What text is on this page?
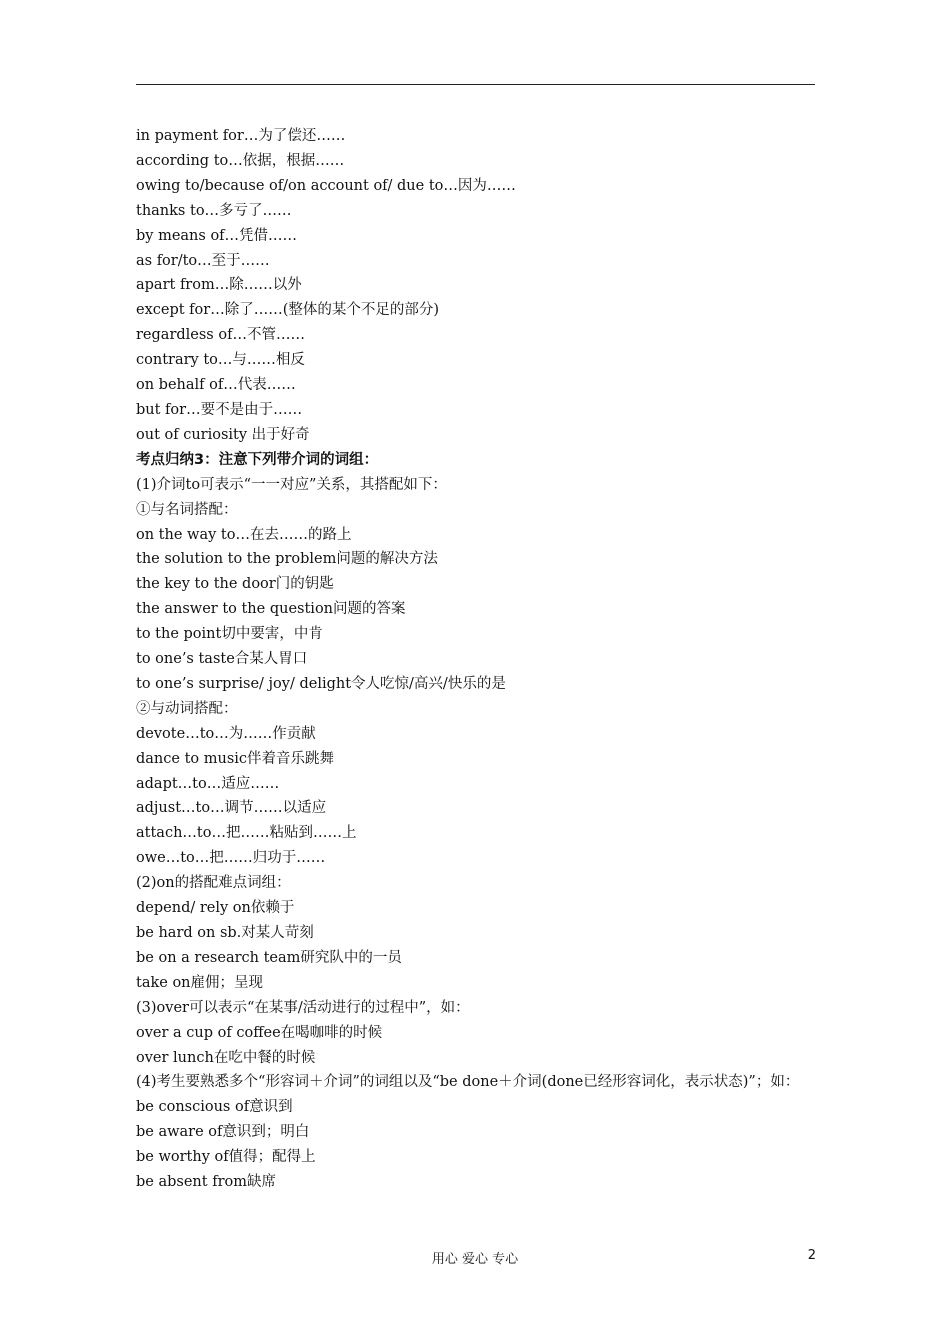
in payment for…为了偿还……
according to…依据，根据……
owing to/because of/on account of/ due to…因为……
thanks to…多亏了……
by means of…凭借……
as for/to…至于……
apart from…除……以外
except for…除了……(整体的某个不足的部分)
regardless of…不管……
contrary to…与……相反
on behalf of…代表……
but for…要不是由于……
out of curiosity 出于好奇
考点归纳3：注意下列带介词的词组：
(1)介词to可表示“一一对应”关系，其搭配如下：
①与名词搭配：
on the way to…在去……的路上
the solution to the problem问题的解决方法
the key to the door门的钥匙
the answer to the question问题的答案
to the point切中要害，中肯
to one’s taste合某人胃口
to one’s surprise/ joy/ delight令人吃惊/高兴/快乐的是
②与动词搭配：
devote…to…为……作贡献
dance to music伴着音乐跳舞
adapt…to…适应……
adjust…to…调节……以适应
attach…to…把……粘贴到……上
owe…to…把……归功于……
(2)on的搭配难点词组：
depend/ rely on依赖于
be hard on sb.对某人苛刻
be on a research team研究队中的一员
take on雇佣；呈现
(3)over可以表示“在某事/活动进行的过程中”，如：
over a cup of coffee在喝咖啡的时候
over lunch在吃中餐的时候
(4)考生要熟悉多个“形容词＋介词”的词组以及“be done＋介词(done已经形容词化，表示状态)”；如：
be conscious of意识到
be aware of意识到；明白
be worthy of值得；配得上
be absent from缺席
用心 爱心 专心	2
